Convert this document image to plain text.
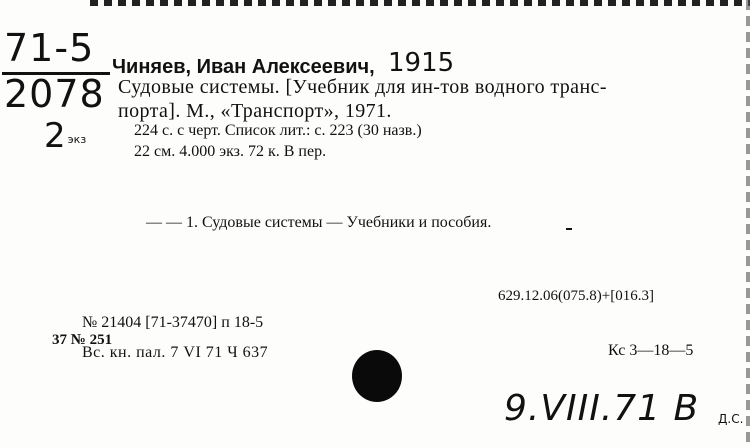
71-5
2078
2 экз
1915
Чиняев, Иван Алексеевич,
Судовые системы. [Учебник для ин-тов водного транс-
порта]. М., «Транспорт», 1971.
224 с. с черт. Список лит.: с. 223 (30 назв.)
22 см. 4.000 экз. 72 к. В пер.
— — 1. Судовые системы — Учебники и пособия.
629.12.06(075.8)+[016.3]
№ 21404 [71-37470] п 18-5
37 № 251
Вс. кн. пал. 7 VI 71 Ч 637	Кс 3—18—5
9.VIII.71 В Д.С.
